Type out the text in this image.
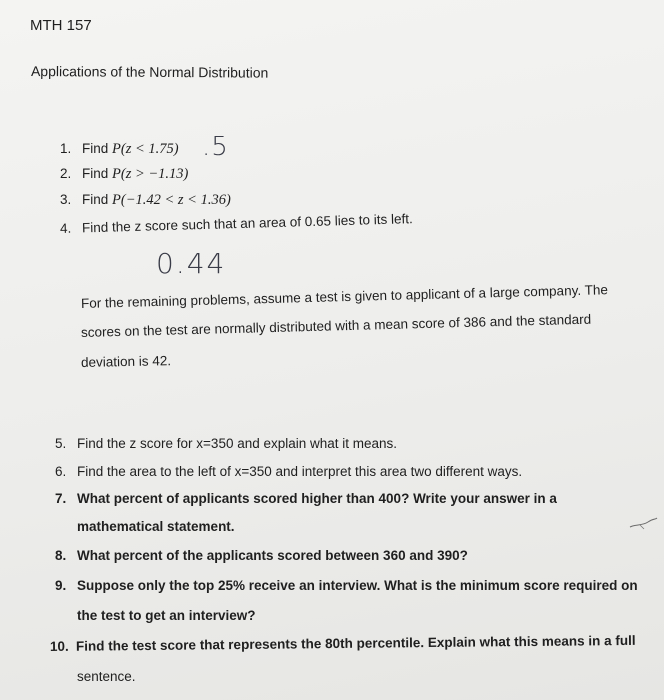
MTH 157
Applications of the Normal Distribution
1. Find P(z < 1.75)
2. Find P(z > −1.13)
3. Find P(−1.42 < z < 1.36)
4. Find the z score such that an area of 0.65 lies to its left.
.5
0.44
For the remaining problems, assume a test is given to applicant of a large company. The
scores on the test are normally distributed with a mean score of 386 and the standard
deviation is 42.
5. Find the z score for x=350 and explain what it means.
6. Find the area to the left of x=350 and interpret this area two different ways.
7. What percent of applicants scored higher than 400? Write your answer in a
mathematical statement.
8. What percent of the applicants scored between 360 and 390?
9. Suppose only the top 25% receive an interview. What is the minimum score required on
the test to get an interview?
10. Find the test score that represents the 80th percentile. Explain what this means in a full
sentence.
